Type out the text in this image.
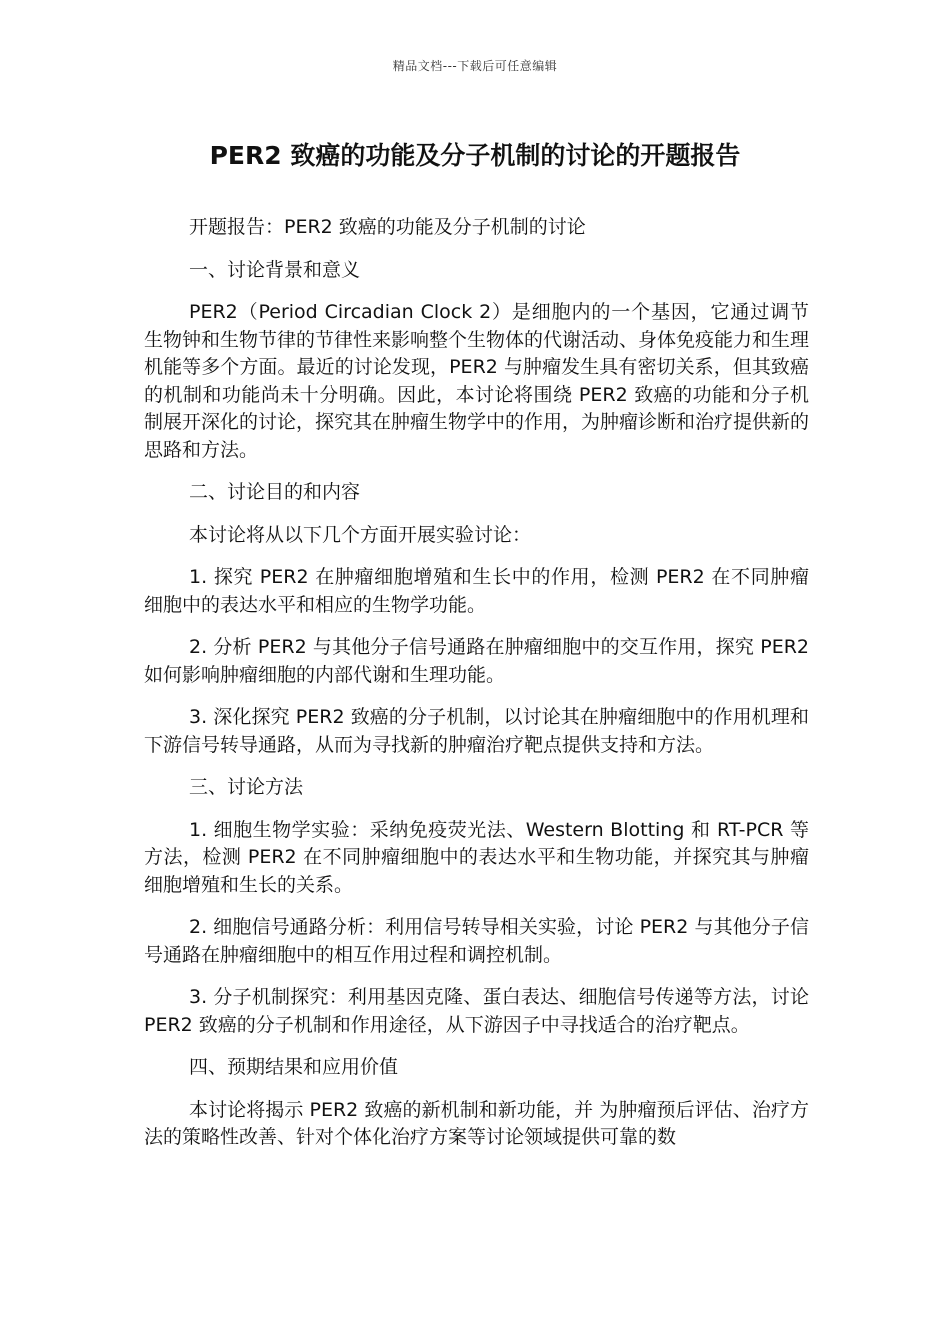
精品文档---下载后可任意编辑
PER2 致癌的功能及分子机制的讨论的开题报告

开题报告：PER2 致癌的功能及分子机制的讨论

一、讨论背景和意义

PER2（Period Circadian Clock 2）是细胞内的一个基因，它通过调节生物钟和生物节律的节律性来影响整个生物体的代谢活动、身体免疫能力和生理机能等多个方面。最近的讨论发现，PER2 与肿瘤发生具有密切关系，但其致癌的机制和功能尚未十分明确。因此，本讨论将围绕 PER2 致癌的功能和分子机制展开深化的讨论，探究其在肿瘤生物学中的作用，为肿瘤诊断和治疗提供新的思路和方法。

二、讨论目的和内容

本讨论将从以下几个方面开展实验讨论：

1. 探究 PER2 在肿瘤细胞增殖和生长中的作用，检测 PER2 在不同肿瘤细胞中的表达水平和相应的生物学功能。

2. 分析 PER2 与其他分子信号通路在肿瘤细胞中的交互作用，探究 PER2 如何影响肿瘤细胞的内部代谢和生理功能。

3. 深化探究 PER2 致癌的分子机制，以讨论其在肿瘤细胞中的作用机理和下游信号转导通路，从而为寻找新的肿瘤治疗靶点提供支持和方法。

三、讨论方法

1. 细胞生物学实验：采纳免疫荧光法、Western Blotting 和 RT-PCR 等方法，检测 PER2 在不同肿瘤细胞中的表达水平和生物功能，并探究其与肿瘤细胞增殖和生长的关系。

2. 细胞信号通路分析：利用信号转导相关实验，讨论 PER2 与其他分子信号通路在肿瘤细胞中的相互作用过程和调控机制。

3. 分子机制探究：利用基因克隆、蛋白表达、细胞信号传递等方法，讨论 PER2 致癌的分子机制和作用途径，从下游因子中寻找适合的治疗靶点。

四、预期结果和应用价值

本讨论将揭示 PER2 致癌的新机制和新功能，并 为肿瘤预后评估、治疗方法的策略性改善、针对个体化治疗方案等讨论领域提供可靠的数
